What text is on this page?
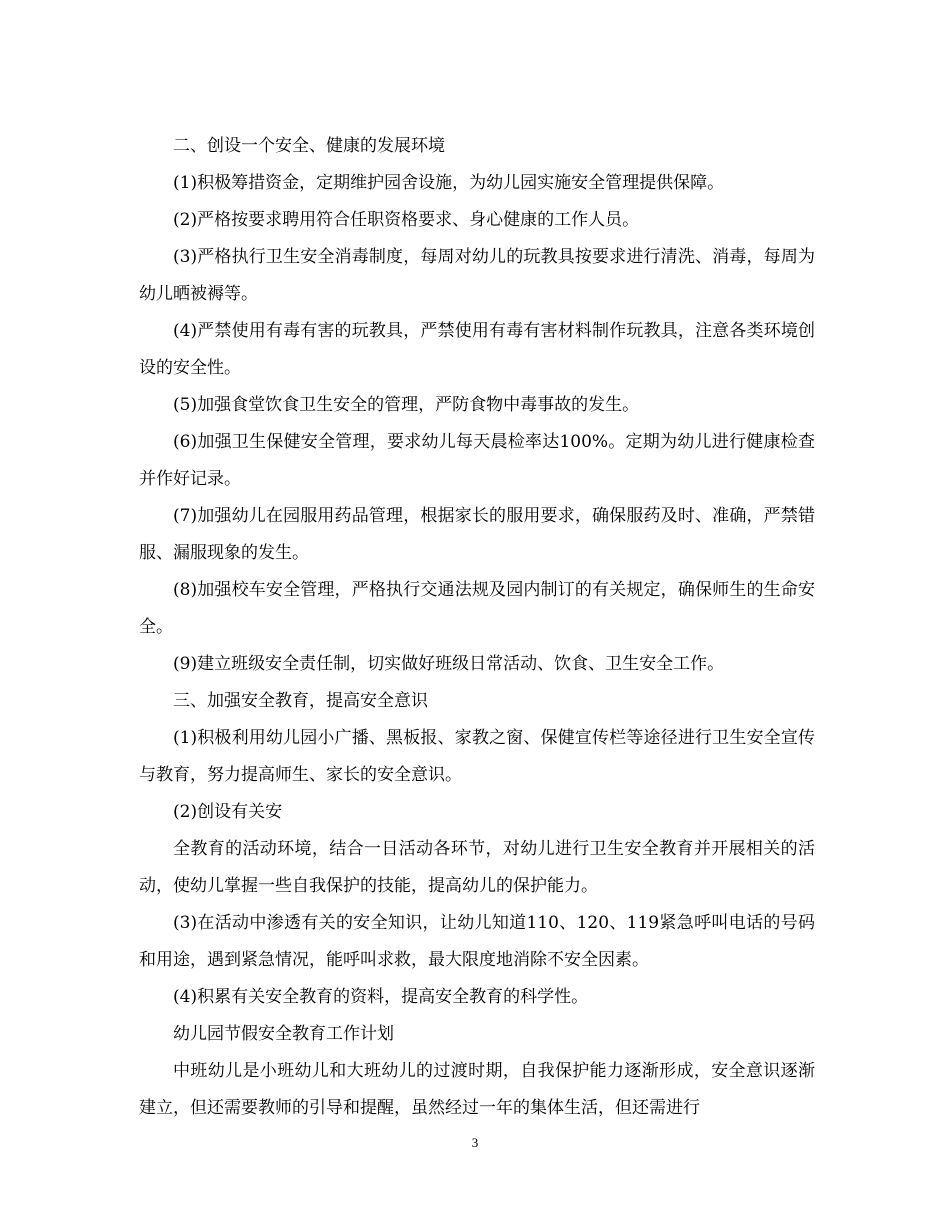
二、创设一个安全、健康的发展环境

(1)积极筹措资金，定期维护园舍设施，为幼儿园实施安全管理提供保障。

(2)严格按要求聘用符合任职资格要求、身心健康的工作人员。

(3)严格执行卫生安全消毒制度，每周对幼儿的玩教具按要求进行清洗、消毒，每周为幼儿晒被褥等。

(4)严禁使用有毒有害的玩教具，严禁使用有毒有害材料制作玩教具，注意各类环境创设的安全性。

(5)加强食堂饮食卫生安全的管理，严防食物中毒事故的发生。

(6)加强卫生保健安全管理，要求幼儿每天晨检率达100%。定期为幼儿进行健康检查并作好记录。

(7)加强幼儿在园服用药品管理，根据家长的服用要求，确保服药及时、准确，严禁错服、漏服现象的发生。

(8)加强校车安全管理，严格执行交通法规及园内制订的有关规定，确保师生的生命安全。

(9)建立班级安全责任制，切实做好班级日常活动、饮食、卫生安全工作。

三、加强安全教育，提高安全意识

(1)积极利用幼儿园小广播、黑板报、家教之窗、保健宣传栏等途径进行卫生安全宣传与教育，努力提高师生、家长的安全意识。

(2)创设有关安

全教育的活动环境，结合一日活动各环节，对幼儿进行卫生安全教育并开展相关的活动，使幼儿掌握一些自我保护的技能，提高幼儿的保护能力。

(3)在活动中渗透有关的安全知识，让幼儿知道110、120、119紧急呼叫电话的号码和用途，遇到紧急情况，能呼叫求救，最大限度地消除不安全因素。

(4)积累有关安全教育的资料，提高安全教育的科学性。

幼儿园节假安全教育工作计划

中班幼儿是小班幼儿和大班幼儿的过渡时期，自我保护能力逐渐形成，安全意识逐渐建立，但还需要教师的引导和提醒，虽然经过一年的集体生活，但还需进行

3
